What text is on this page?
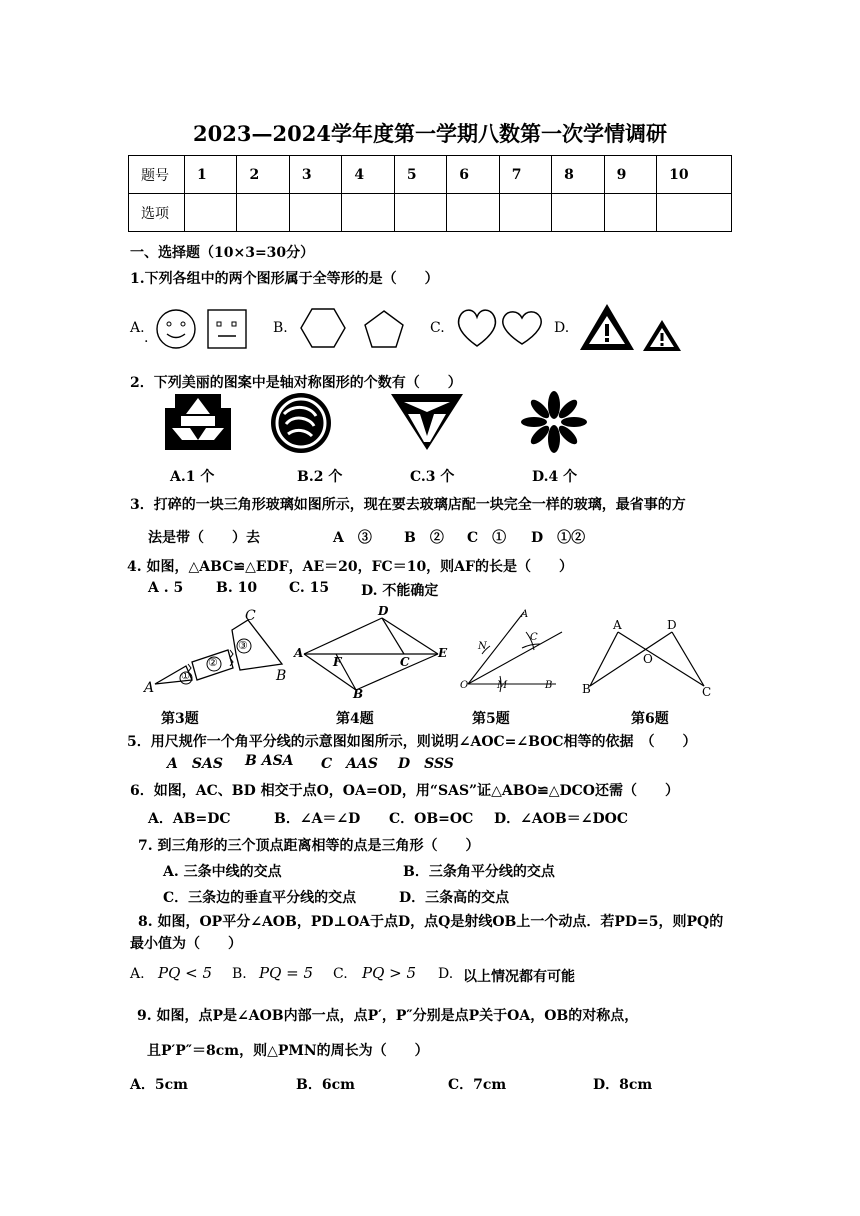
2023—2024学年度第一学期八数第一次学情调研
题号	1	2	3	4	5	6	7	8	9	10
选项										
一、选择题（10×3=30分）
1.下列各组中的两个图形属于全等形的是（　　）
A.
.
B.	C.	D.
2．下列美丽的图案中是轴对称图形的个数有（　　）
A.1 个	B.2 个	C.3 个	D.4 个
3．打碎的一块三角形玻璃如图所示，现在要去玻璃店配一块完全一样的玻璃，最省事的方
法是带（　　）去	A　③ B　② C　① D　①②
4. 如图，△ABC≌△EDF，AE＝20，FC＝10，则AF的长是（　　）
A . 5 B. 10 C. 15 D. 不能确定
C
B
A
①
②
③
D
A
F	C
E
B
A
N
C
O	M	B
A	D
O
B	C
第3题	第4题	第5题	第6题
5．用尺规作一个角平分线的示意图如图所示，则说明∠AOC=∠BOC相等的依据　（　　）
A　SAS B ASA C　AAS D　SSS
6．如图，AC、BD 相交于点O，OA=OD，用“SAS”证△ABO≌△DCO还需（　　）
A．AB=DC	B．∠A＝∠D C．OB=OC D．∠AOB＝∠DOC
7. 到三角形的三个顶点距离相等的点是三角形（　　）
A. 三条中线的交点	B．三条角平分线的交点
C．三条边的垂直平分线的交点	D．三条高的交点
8. 如图，OP平分∠AOB，PD⊥OA于点D，点Q是射线OB上一个动点．若PD=5，则PQ的
最小值为（　　）
A. PQ < 5 B. PQ = 5 C. PQ > 5 D. 以上情况都有可能
9. 如图，点P是∠AOB内部一点，点P′，P″分别是点P关于OA，OB的对称点，
且P′P″＝8cm，则△PMN的周长为（　　）
A．5cm	B．6cm	C．7cm	D．8cm
